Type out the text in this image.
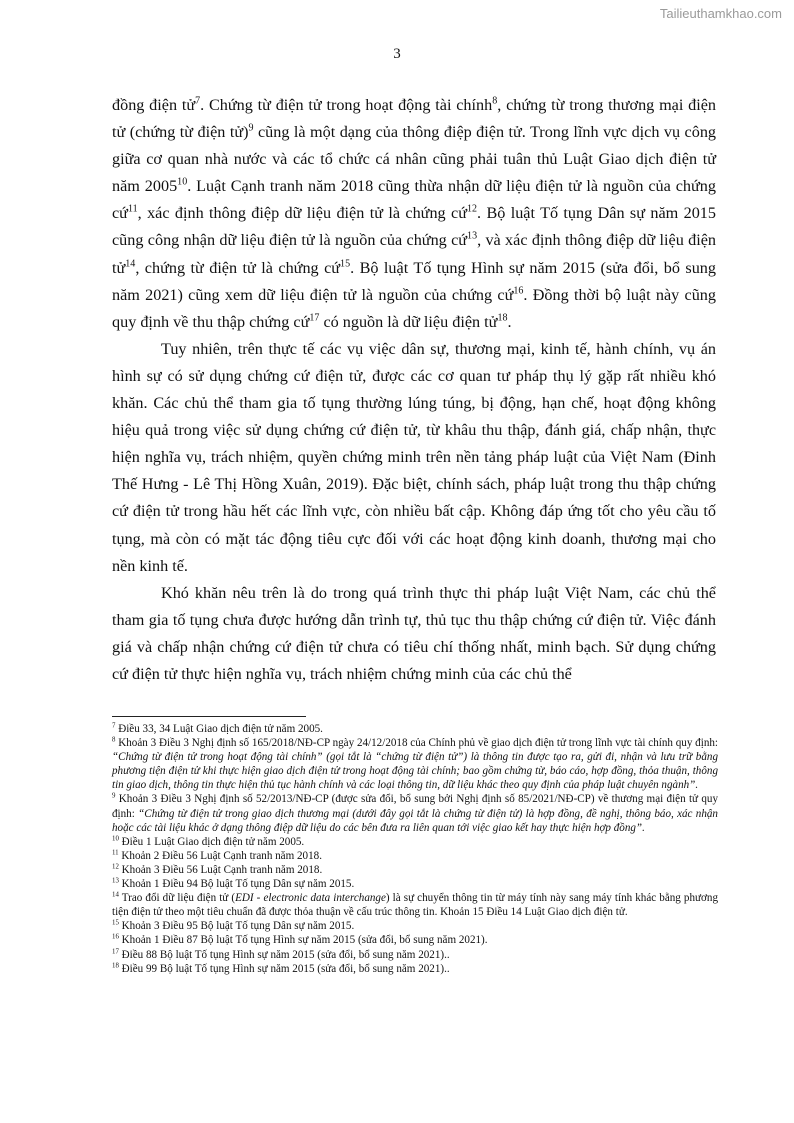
Tailieuthamkhao.com
3

đồng điện tử$^7$. Chứng từ điện tử trong hoạt động tài chính$^8$, chứng từ trong thương mại điện tử (chứng từ điện tử)$^9$ cũng là một dạng của thông điệp điện tử. Trong lĩnh vực dịch vụ công giữa cơ quan nhà nước và các tổ chức cá nhân cũng phải tuân thủ Luật Giao dịch điện tử năm 2005$^{10}$. Luật Cạnh tranh năm 2018 cũng thừa nhận dữ liệu điện tử là nguồn của chứng cứ$^{11}$, xác định thông điệp dữ liệu điện tử là chứng cứ$^{12}$. Bộ luật Tố tụng Dân sự năm 2015 cũng công nhận dữ liệu điện tử là nguồn của chứng cứ$^{13}$, và xác định thông điệp dữ liệu điện tử$^{14}$, chứng từ điện tử là chứng cứ$^{15}$. Bộ luật Tố tụng Hình sự năm 2015 (sửa đổi, bổ sung năm 2021) cũng xem dữ liệu điện tử là nguồn của chứng cứ$^{16}$. Đồng thời bộ luật này cũng quy định về thu thập chứng cứ$^{17}$ có nguồn là dữ liệu điện tử$^{18}$.

Tuy nhiên, trên thực tế các vụ việc dân sự, thương mại, kinh tế, hành chính, vụ án hình sự có sử dụng chứng cứ điện tử, được các cơ quan tư pháp thụ lý gặp rất nhiều khó khăn. Các chủ thể tham gia tố tụng thường lúng túng, bị động, hạn chế, hoạt động không hiệu quả trong việc sử dụng chứng cứ điện tử, từ khâu thu thập, đánh giá, chấp nhận, thực hiện nghĩa vụ, trách nhiệm, quyền chứng minh trên nền tảng pháp luật của Việt Nam (Đinh Thế Hưng - Lê Thị Hồng Xuân, 2019). Đặc biệt, chính sách, pháp luật trong thu thập chứng cứ điện tử trong hầu hết các lĩnh vực, còn nhiều bất cập. Không đáp ứng tốt cho yêu cầu tố tụng, mà còn có mặt tác động tiêu cực đối với các hoạt động kinh doanh, thương mại cho nền kinh tế.

Khó khăn nêu trên là do trong quá trình thực thi pháp luật Việt Nam, các chủ thể tham gia tố tụng chưa được hướng dẫn trình tự, thủ tục thu thập chứng cứ điện tử. Việc đánh giá và chấp nhận chứng cứ điện tử chưa có tiêu chí thống nhất, minh bạch. Sử dụng chứng cứ điện tử thực hiện nghĩa vụ, trách nhiệm chứng minh của các chủ thể

$^7$ Điều 33, 34 Luật Giao dịch điện tử năm 2005.

$^8$ Khoản 3 Điều 3 Nghị định số 165/2018/NĐ-CP ngày 24/12/2018 của Chính phủ về giao dịch điện tử trong lĩnh vực tài chính quy định: “Chứng từ điện tử trong hoạt động tài chính” (gọi tắt là “chứng từ điện tử”) là thông tin được tạo ra, gửi đi, nhận và lưu trữ bằng phương tiện điện tử khi thực hiện giao dịch điện tử trong hoạt động tài chính; bao gồm chứng từ, báo cáo, hợp đồng, thỏa thuận, thông tin giao dịch, thông tin thực hiện thủ tục hành chính và các loại thông tin, dữ liệu khác theo quy định của pháp luật chuyên ngành”.

$^9$ Khoản 3 Điều 3 Nghị định số 52/2013/NĐ-CP (được sửa đổi, bổ sung bởi Nghị định số 85/2021/NĐ-CP) về thương mại điện tử quy định: “Chứng từ điện tử trong giao dịch thương mại (dưới đây gọi tắt là chứng từ điện tử) là hợp đồng, đề nghị, thông báo, xác nhận hoặc các tài liệu khác ở dạng thông điệp dữ liệu do các bên đưa ra liên quan tới việc giao kết hay thực hiện hợp đồng”.

$^{10}$ Điều 1 Luật Giao dịch điện tử năm 2005.

$^{11}$ Khoản 2 Điều 56 Luật Cạnh tranh năm 2018.

$^{12}$ Khoản 3 Điều 56 Luật Cạnh tranh năm 2018.

$^{13}$ Khoản 1 Điều 94 Bộ luật Tố tụng Dân sự năm 2015.

$^{14}$ Trao đổi dữ liệu điện tử (EDI - electronic data interchange) là sự chuyển thông tin từ máy tính này sang máy tính khác bằng phương tiện điện tử theo một tiêu chuẩn đã được thỏa thuận về cấu trúc thông tin. Khoản 15 Điều 14 Luật Giao dịch điện tử.

$^{15}$ Khoản 3 Điều 95 Bộ luật Tố tụng Dân sự năm 2015.

$^{16}$ Khoản 1 Điều 87 Bộ luật Tố tụng Hình sự năm 2015 (sửa đổi, bổ sung năm 2021).

$^{17}$ Điều 88 Bộ luật Tố tụng Hình sự năm 2015 (sửa đổi, bổ sung năm 2021)..

$^{18}$ Điều 99 Bộ luật Tố tụng Hình sự năm 2015 (sửa đổi, bổ sung năm 2021)..
